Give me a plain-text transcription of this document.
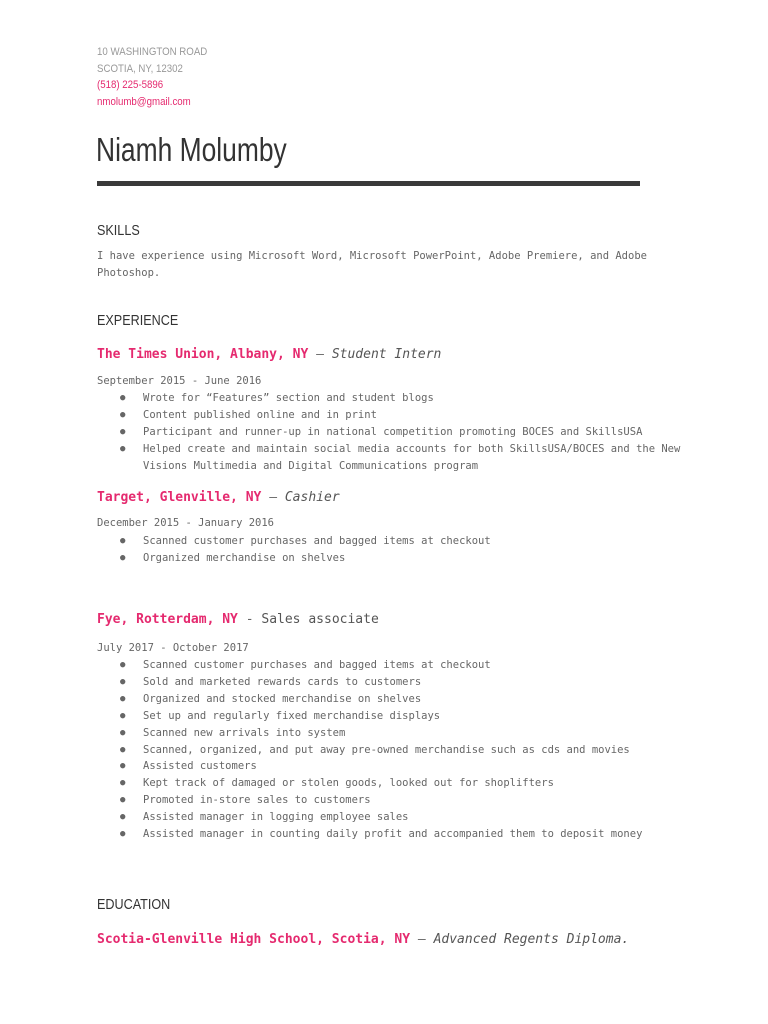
10 WASHINGTON ROAD
SCOTIA, NY, 12302
(518) 225-5896
nmolumb@gmail.com
Niamh Molumby
SKILLS

I have experience using Microsoft Word, Microsoft PowerPoint, Adobe Premiere, and Adobe Photoshop.

EXPERIENCE
The Times Union, Albany, NY — Student Intern
September 2015 - June 2016
● Wrote for “Features” section and student blogs
● Content published online and in print
● Participant and runner-up in national competition promoting BOCES and SkillsUSA
● Helped create and maintain social media accounts for both SkillsUSA/BOCES and the New Visions Multimedia and Digital Communications program
Target, Glenville, NY — Cashier
December 2015 - January 2016
● Scanned customer purchases and bagged items at checkout
● Organized merchandise on shelves
Fye, Rotterdam, NY - Sales associate
July 2017 - October 2017
● Scanned customer purchases and bagged items at checkout
● Sold and marketed rewards cards to customers
● Organized and stocked merchandise on shelves
● Set up and regularly fixed merchandise displays
● Scanned new arrivals into system
● Scanned, organized, and put away pre-owned merchandise such as cds and movies
● Assisted customers
● Kept track of damaged or stolen goods, looked out for shoplifters
● Promoted in-store sales to customers
● Assisted manager in logging employee sales
● Assisted manager in counting daily profit and accompanied them to deposit money
EDUCATION
Scotia-Glenville High School, Scotia, NY — Advanced Regents Diploma.
